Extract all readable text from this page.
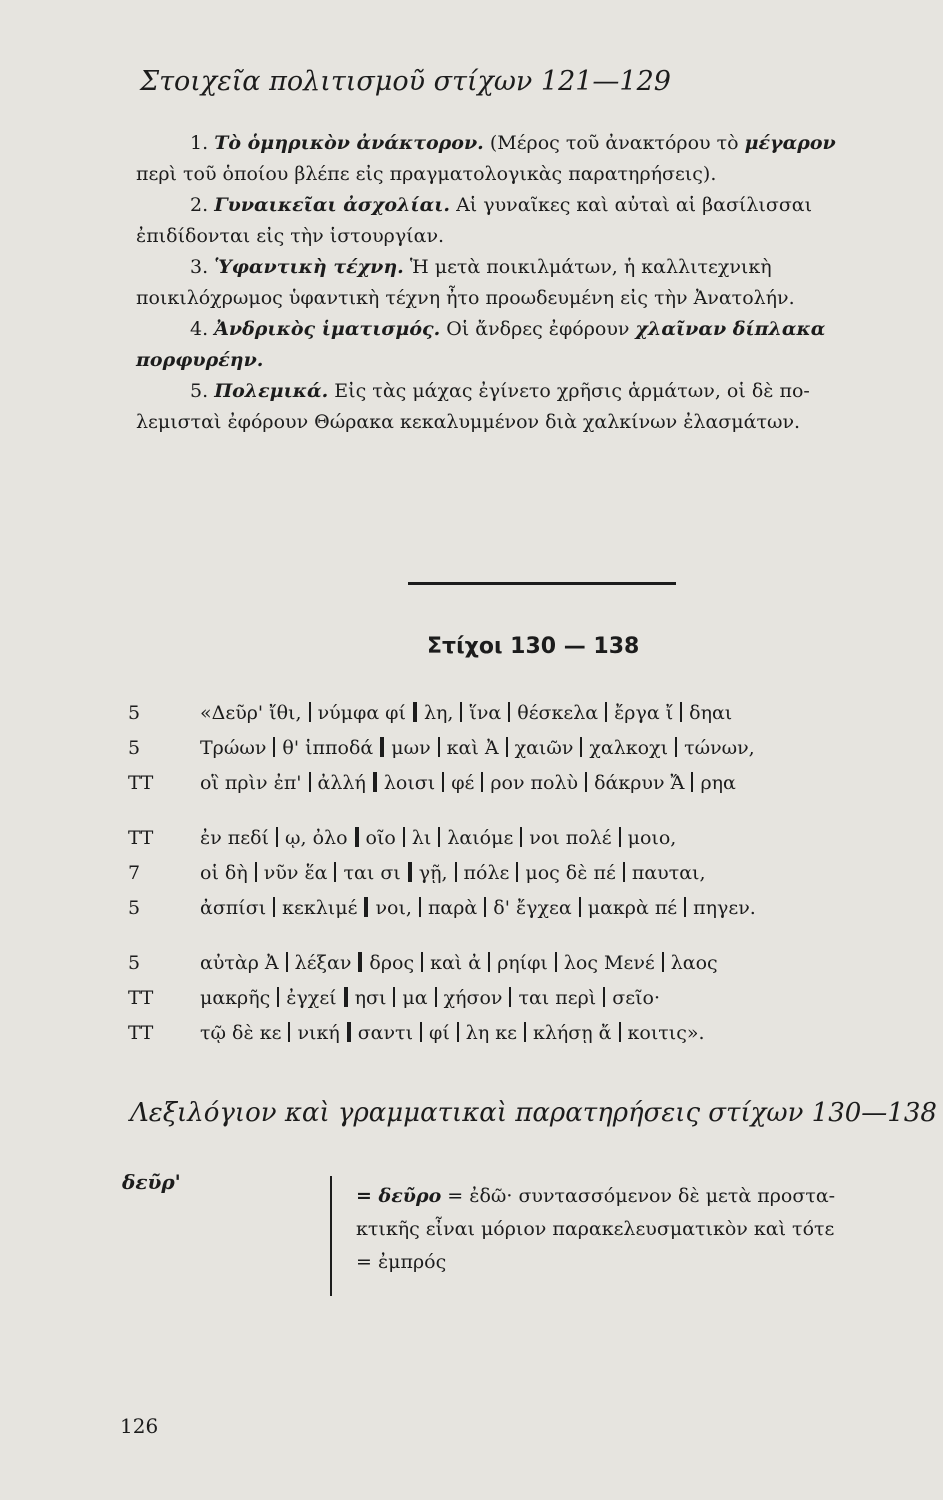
Στοιχεῖα πολιτισμοῦ στίχων 121—129

1. Τὸ ὁμηρικὸν ἀνάκτορον. (Μέρος τοῦ ἀνακτόρου τὸ μέγαρον

περὶ τοῦ ὁποίου βλέπε εἰς πραγματολογικὰς παρατηρήσεις).

2. Γυναικεῖαι ἀσχολίαι. Αἱ γυναῖκες καὶ αὐταὶ αἱ βασίλισσαι

ἐπιδίδονται εἰς τὴν ἱστουργίαν.

3. Ὑφαντικὴ τέχνη. Ἡ μετὰ ποικιλμάτων, ἡ καλλιτεχνικὴ

ποικιλόχρωμος ὑφαντικὴ τέχνη ἦτο προωδευμένη εἰς τὴν Ἀνατολήν.

4. Ἀνδρικὸς ἱματισμός. Οἱ ἄνδρες ἐφόρουν χλαῖναν δίπλακα

πορφυρέην.

5. Πολεμικά. Εἰς τὰς μάχας ἐγίνετο χρῆσις ἁρμάτων, οἱ δὲ πο-

λεμισταὶ ἐφόρουν Θώρακα κεκαλυμμένον διὰ χαλκίνων ἐλασμάτων.

Στίχοι 130 — 138
5	«Δεῦρ' ἴθι, νύμφα φί λη, ἵνα θέσκελα ἔργα ἴ δηαι
5	Τρώων θ' ἱπποδά μων καὶ Ἀ χαιῶν χαλκοχι τώνων,
ΤΤ	οἳ πρὶν ἐπ' ἀλλή λοισι φέ ρον πολὺ δάκρυν Ἄ ρηα
ΤΤ	ἐν πεδί ῳ, ὀλο οῖο λι λαιόμε νοι πολέ μοιο,
7	οἱ δὴ νῦν ἕα ται σι γῇ, πόλε μος δὲ πέ παυται,
5	ἀσπίσι κεκλιμέ νοι, παρὰ δ' ἔγχεα μακρὰ πέ πηγεν.
5	αὐτὰρ Ἀ λέξαν δρος καὶ ἀ ρηίφι λος Μενέ λαος
ΤΤ	μακρῆς ἐγχεί ησι μα χήσον ται περὶ σεῖο·
ΤΤ	τῷ δὲ κε νική σαντι φί λη κε κλήσῃ ἄ κοιτις».
Λεξιλόγιον καὶ γραμματικαὶ παρατηρήσεις στίχων 130—138
δεῦρ'

= δεῦρο = ἐδῶ· συντασσόμενον δὲ μετὰ προστα-

κτικῆς εἶναι μόριον παρακελευσματικὸν καὶ τότε

= ἐμπρός

126
